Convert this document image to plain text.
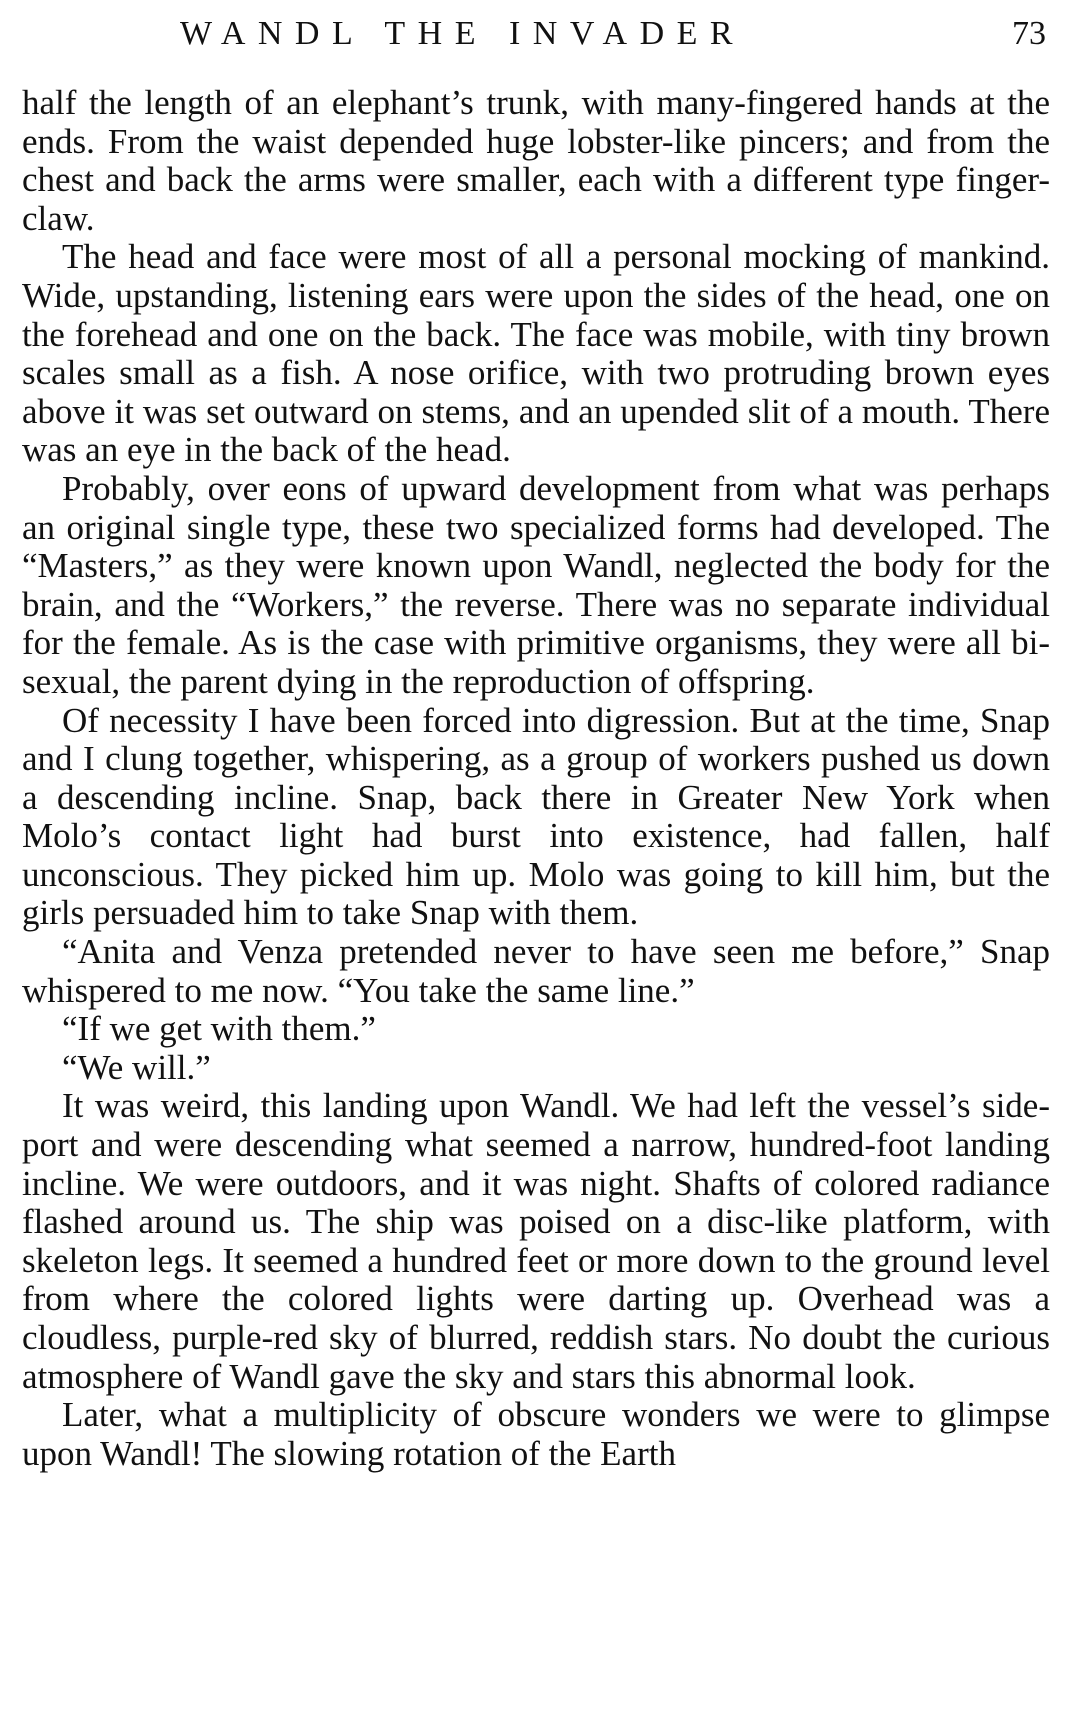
WANDL THE INVADER	73

half the length of an elephant’s trunk, with many-fingered hands at the ends. From the waist depended huge lobster-like pincers; and from the chest and back the arms were smaller, each with a different type finger-claw.

The head and face were most of all a personal mocking of mankind. Wide, upstanding, listening ears were upon the sides of the head, one on the forehead and one on the back. The face was mobile, with tiny brown scales small as a fish. A nose orifice, with two protruding brown eyes above it was set outward on stems, and an upended slit of a mouth. There was an eye in the back of the head.

Probably, over eons of upward development from what was perhaps an original single type, these two specialized forms had developed. The “Masters,” as they were known upon Wandl, neglected the body for the brain, and the “Workers,” the reverse. There was no separate individual for the female. As is the case with primitive organisms, they were all bi-sexual, the parent dying in the reproduction of offspring.

Of necessity I have been forced into digression. But at the time, Snap and I clung together, whispering, as a group of workers pushed us down a descending incline. Snap, back there in Greater New York when Molo’s contact light had burst into existence, had fallen, half unconscious. They picked him up. Molo was going to kill him, but the girls persuaded him to take Snap with them.

“Anita and Venza pretended never to have seen me before,” Snap whispered to me now. “You take the same line.”

“If we get with them.”

“We will.”

It was weird, this landing upon Wandl. We had left the vessel’s side-port and were descending what seemed a narrow, hundred-foot landing incline. We were outdoors, and it was night. Shafts of colored radiance flashed around us. The ship was poised on a disc-like platform, with skeleton legs. It seemed a hundred feet or more down to the ground level from where the colored lights were darting up. Overhead was a cloudless, purple-red sky of blurred, reddish stars. No doubt the curious atmosphere of Wandl gave the sky and stars this abnormal look.

Later, what a multiplicity of obscure wonders we were to glimpse upon Wandl! The slowing rotation of the Earth
